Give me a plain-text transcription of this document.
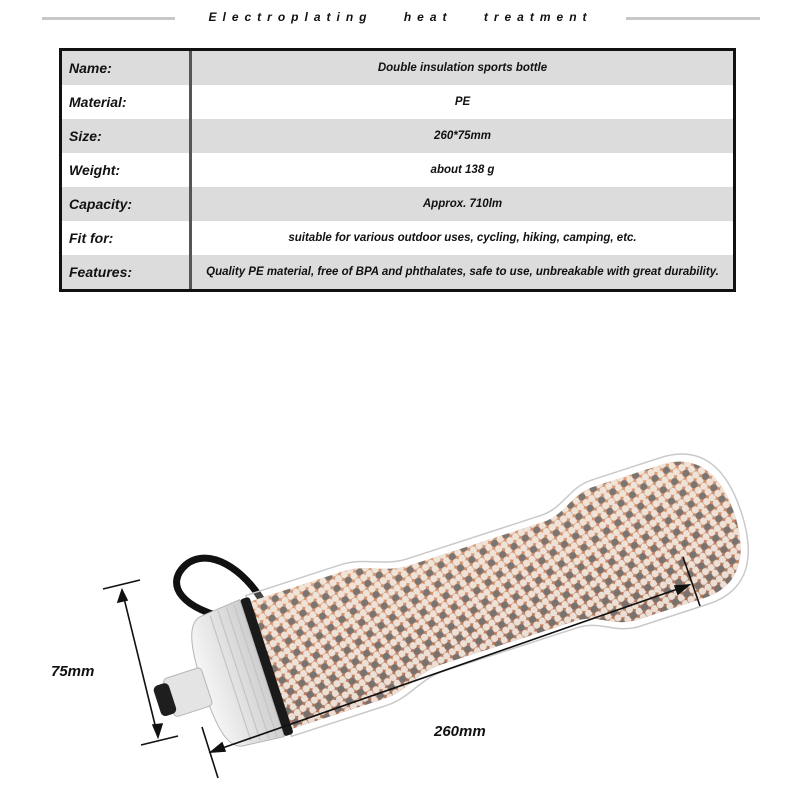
Electroplating heat treatment
Name:	Double insulation sports bottle
Material:	PE
Size:	260*75mm
Weight:	about 138 g
Capacity:	Approx. 710lm
Fit for:	suitable for various outdoor uses, cycling, hiking, camping, etc.
Features:	Quality PE material, free of BPA and phthalates, safe to use, unbreakable with great durability.
75mm
260mm
